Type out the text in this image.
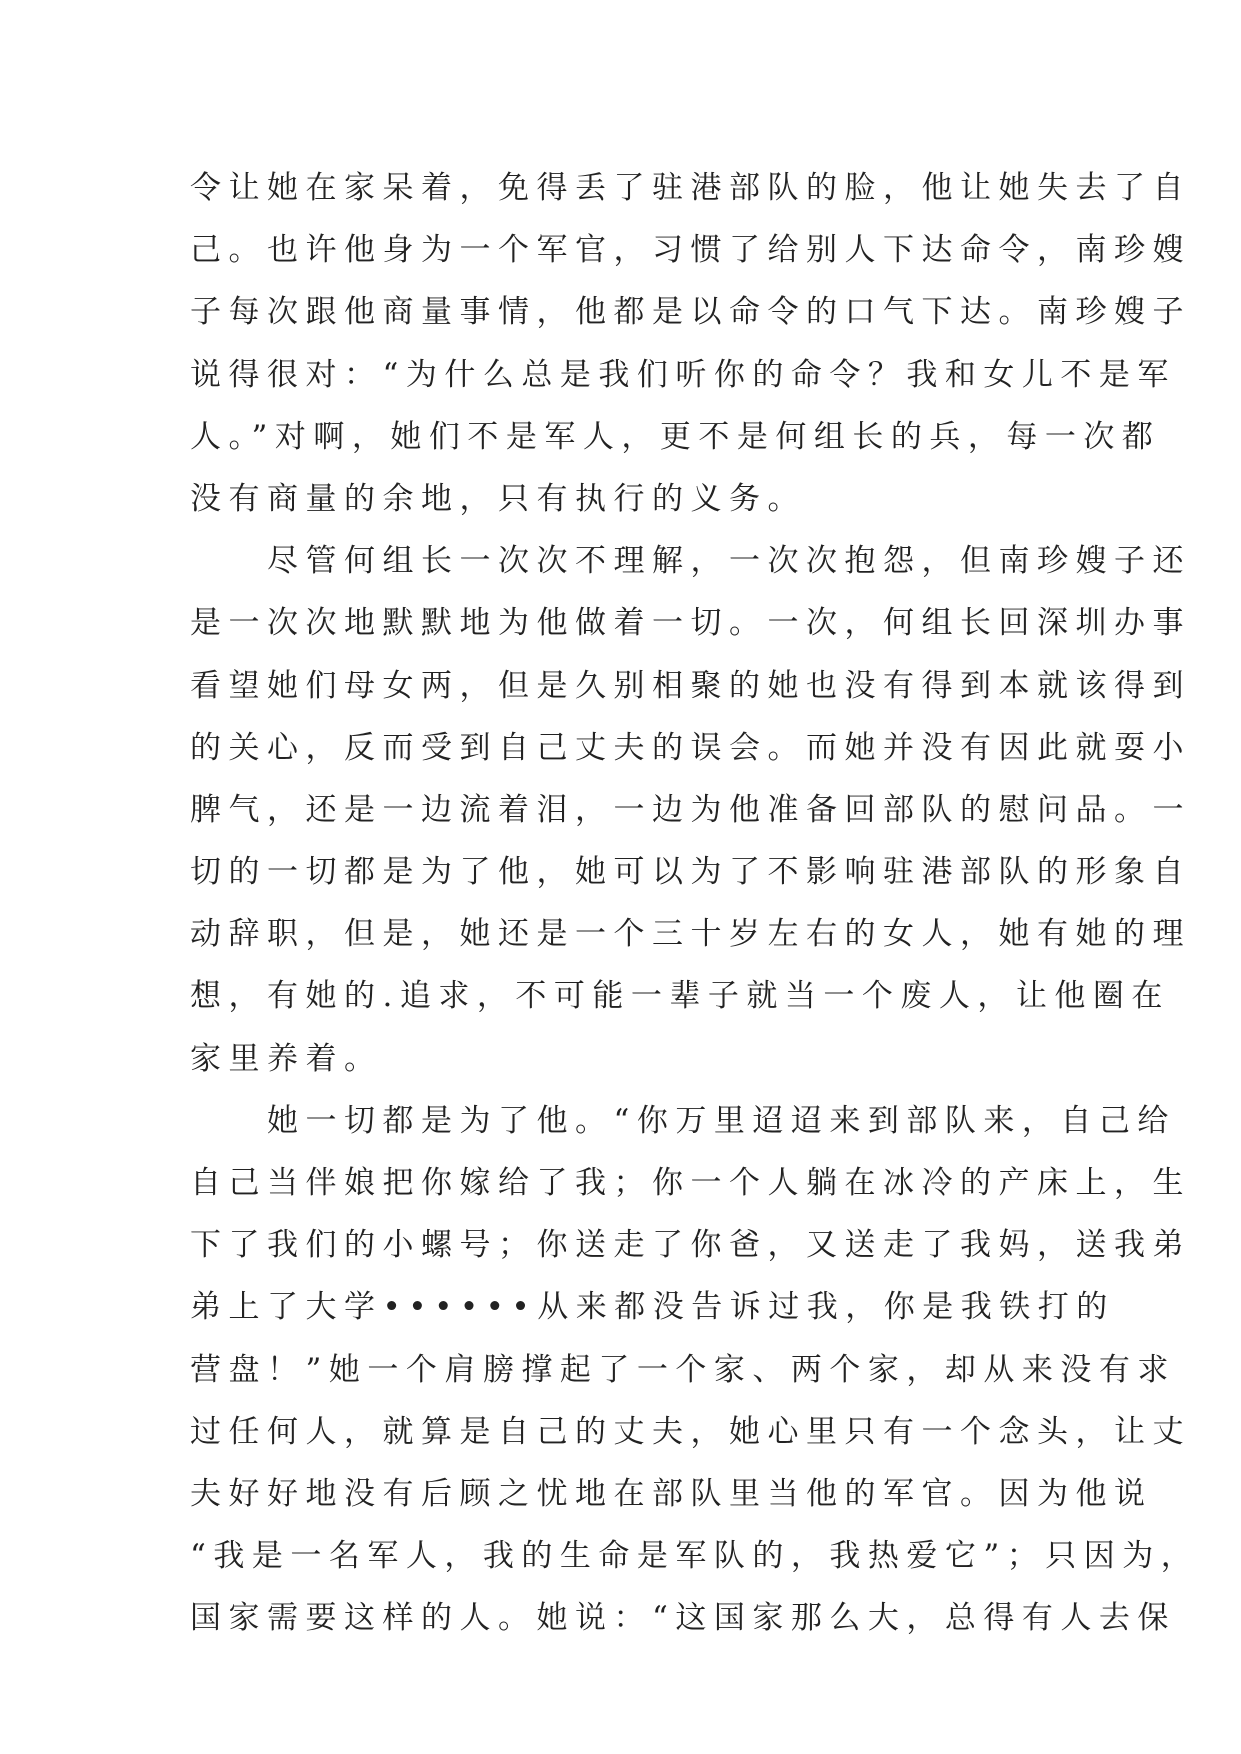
令让她在家呆着，免得丢了驻港部队的脸，他让她失去了自
己。也许他身为一个军官，习惯了给别人下达命令，南珍嫂
子每次跟他商量事情，他都是以命令的口气下达。南珍嫂子
说得很对：“为什么总是我们听你的命令？我和女儿不是军
人。”对啊，她们不是军人，更不是何组长的兵，每一次都
没有商量的余地，只有执行的义务。
　　尽管何组长一次次不理解，一次次抱怨，但南珍嫂子还
是一次次地默默地为他做着一切。一次，何组长回深圳办事
看望她们母女两，但是久别相聚的她也没有得到本就该得到
的关心，反而受到自己丈夫的误会。而她并没有因此就耍小
脾气，还是一边流着泪，一边为他准备回部队的慰问品。一
切的一切都是为了他，她可以为了不影响驻港部队的形象自
动辞职，但是，她还是一个三十岁左右的女人，她有她的理
想，有她的.追求，不可能一辈子就当一个废人，让他圈在
家里养着。
　　她一切都是为了他。“你万里迢迢来到部队来，自己给
自己当伴娘把你嫁给了我；你一个人躺在冰冷的产床上，生
下了我们的小螺号；你送走了你爸，又送走了我妈，送我弟
弟上了大学••••••从来都没告诉过我，你是我铁打的
营盘！”她一个肩膀撑起了一个家、两个家，却从来没有求
过任何人，就算是自己的丈夫，她心里只有一个念头，让丈
夫好好地没有后顾之忧地在部队里当他的军官。因为他说
“我是一名军人，我的生命是军队的，我热爱它”；只因为，
国家需要这样的人。她说：“这国家那么大，总得有人去保
